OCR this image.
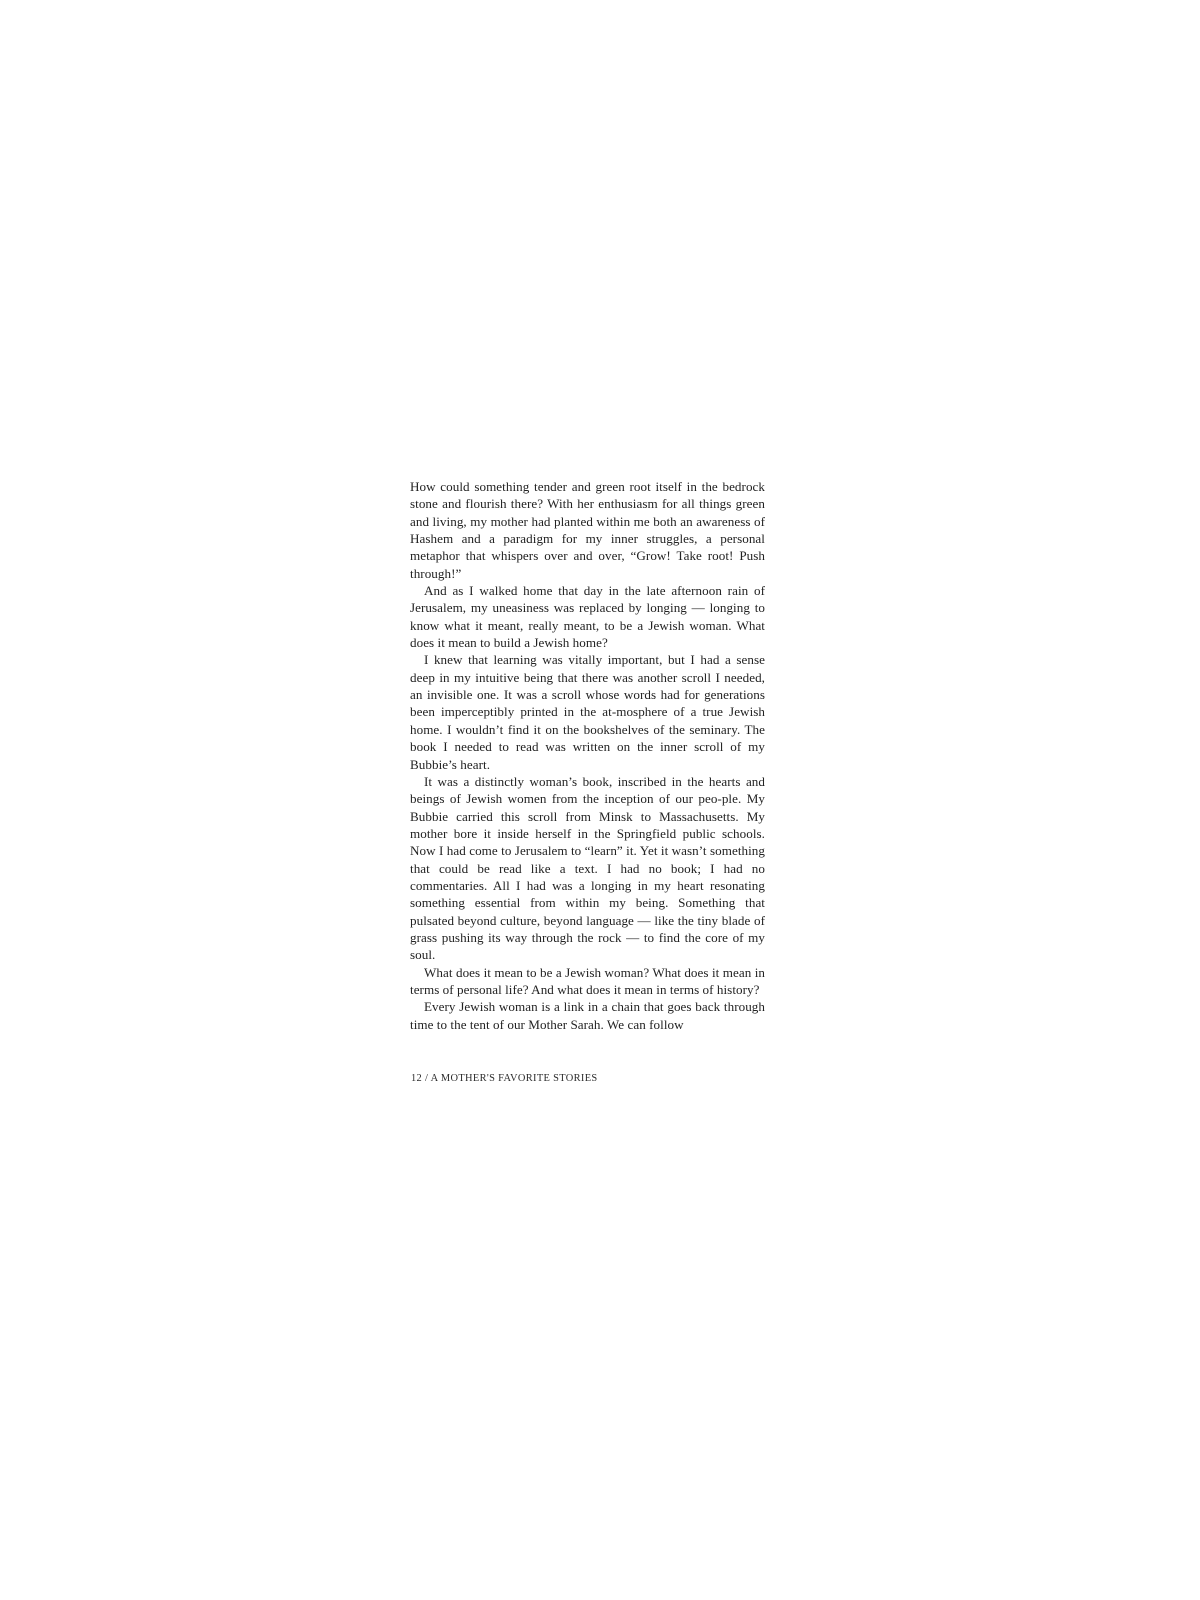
How could something tender and green root itself in the bedrock stone and flourish there? With her enthusiasm for all things green and living, my mother had planted within me both an awareness of Hashem and a paradigm for my inner struggles, a personal metaphor that whispers over and over, “Grow! Take root! Push through!”

And as I walked home that day in the late afternoon rain of Jerusalem, my uneasiness was replaced by longing — longing to know what it meant, really meant, to be a Jewish woman. What does it mean to build a Jewish home?

I knew that learning was vitally important, but I had a sense deep in my intuitive being that there was another scroll I needed, an invisible one. It was a scroll whose words had for generations been imperceptibly printed in the at-mosphere of a true Jewish home. I wouldn’t find it on the bookshelves of the seminary. The book I needed to read was written on the inner scroll of my Bubbie’s heart.

It was a distinctly woman’s book, inscribed in the hearts and beings of Jewish women from the inception of our peo-ple. My Bubbie carried this scroll from Minsk to Massachusetts. My mother bore it inside herself in the Springfield public schools. Now I had come to Jerusalem to “learn” it. Yet it wasn’t something that could be read like a text. I had no book; I had no commentaries. All I had was a longing in my heart resonating something essential from within my being. Something that pulsated beyond culture, beyond language — like the tiny blade of grass pushing its way through the rock — to find the core of my soul.

What does it mean to be a Jewish woman? What does it mean in terms of personal life? And what does it mean in terms of history?

Every Jewish woman is a link in a chain that goes back through time to the tent of our Mother Sarah. We can follow

12 / A MOTHER'S FAVORITE STORIES
